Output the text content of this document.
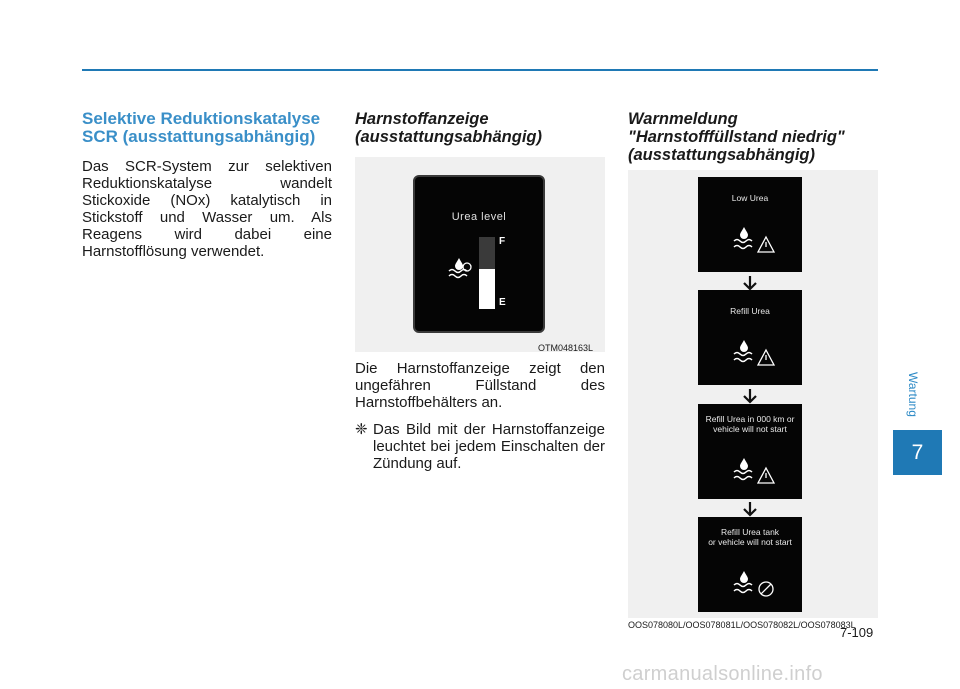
Selektive Reduktionskatalyse
SCR (ausstattungsabhängig)

Das SCR-System zur selektiven Reduktionskatalyse wandelt Stickoxide (NOx) katalytisch in Stickstoff und Wasser um. Als Reagens wird dabei eine Harnstofflösung verwendet.

Harnstoffanzeige
(ausstattungsabhängig)
Urea level
F
E
OTM048163L

Die Harnstoffanzeige zeigt den ungefähren Füllstand des Harnstoffbehälters an.

❈ Das Bild mit der Harnstoffanzeige leuchtet bei jedem Einschalten der Zündung auf.
Warnmeldung
"Harnstofffüllstand niedrig"
(ausstattungsabhängig)
Low Urea
Refill Urea
Refill Urea in 000 km or
vehicle will not start
Refill Urea tank
or vehicle will not start
OOS078080L/OOS078081L/OOS078082L/OOS078083L
7-109
Wartung
7
carmanualsonline.info
